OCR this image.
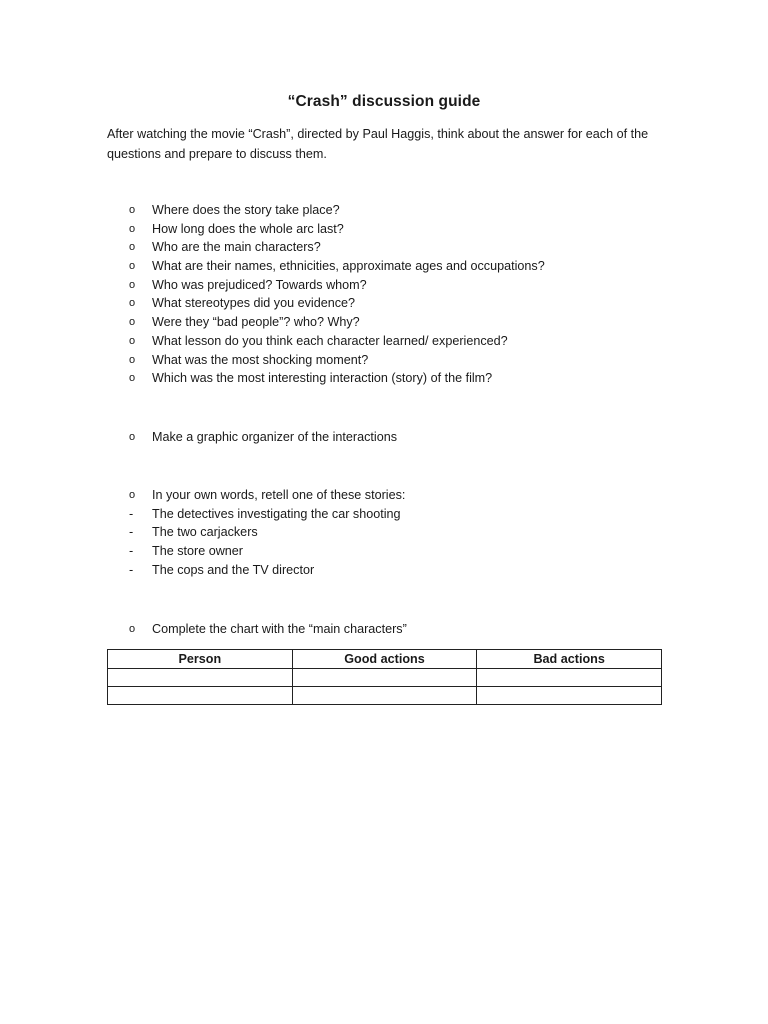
“Crash” discussion guide
After watching the movie “Crash”, directed by Paul Haggis, think about the answer for each of the questions and prepare to discuss them.
o	Where does the story take place?
o	How long does the whole arc last?
o	Who are the main characters?
o	What are their names, ethnicities, approximate ages and occupations?
o	Who was prejudiced? Towards whom?
o	What stereotypes did you evidence?
o	Were they “bad people”? who? Why?
o	What lesson do you think each character learned/ experienced?
o	What was the most shocking moment?
o	Which was the most interesting interaction (story) of the film?
o	Make a graphic organizer of the interactions
o	In your own words, retell one of these stories:
-	The detectives investigating the car shooting
-	The two carjackers
-	The store owner
-	The cops and the TV director
o	Complete the chart with the “main characters”
Person	Good actions	Bad actions
